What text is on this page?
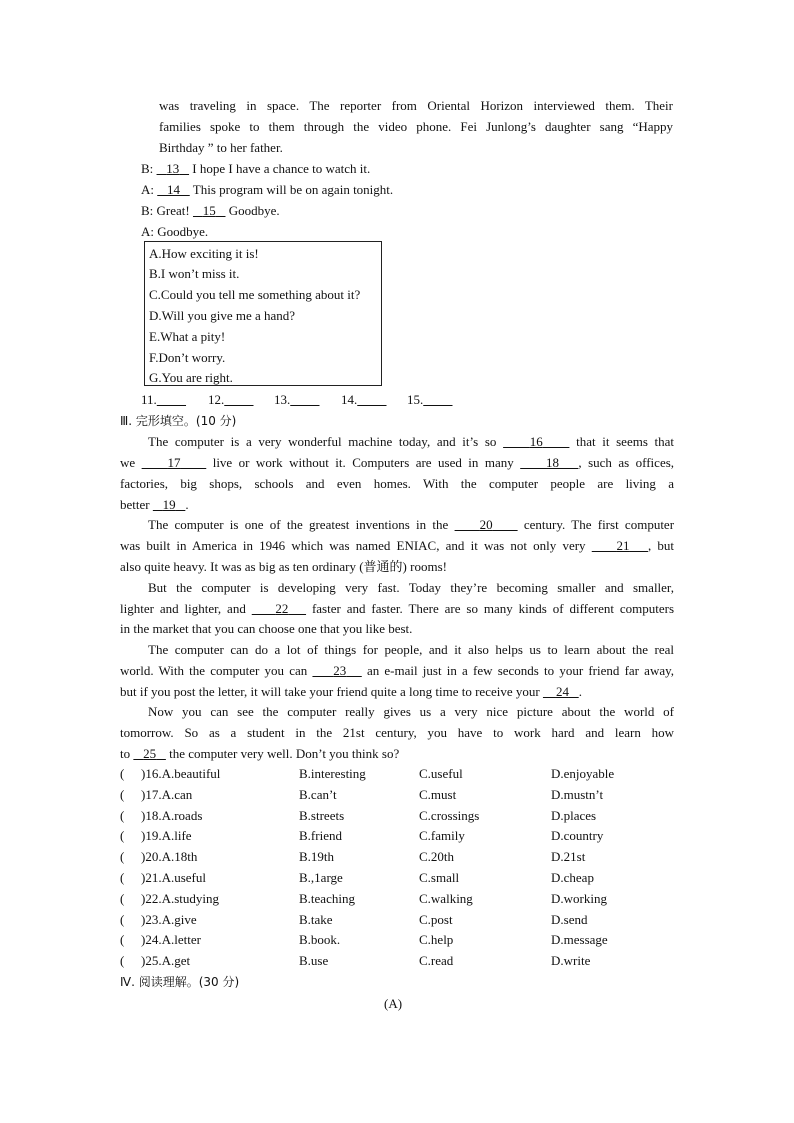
was traveling in space. The reporter from Oriental Horizon interviewed them. Their
families spoke to them through the video phone. Fei Junlong’s daughter sang “Happy
Birthday ” to her father.
B: 13 I hope I have a chance to watch it.
A: 14 This program will be on again tonight.
B: Great! 15 Goodbye.
A: Goodbye.
A.How exciting it is!
B.I won’t miss it.
C.Could you tell me something about it?
D.Will you give me a hand?
E.What a pity!
F.Don’t worry.
G.You are right.
11.	12.	13.	14.	15.
Ⅲ. 完形填空。(10 分)
The computer is a very wonderful machine today, and it’s so	16	that it seems that
we 17 live or work without it. Computers are used in many 18 , such as offices,
factories, big shops, schools and even homes. With the computer people are living a
better 19 .
The computer is one of the greatest inventions in the 20 century. The first computer
was built in America in 1946 which was named ENIAC, and it was not only very 21 , but
also quite heavy. It was as big as ten ordinary (普通的) rooms!
But the computer is developing very fast. Today they’re becoming smaller and smaller,
lighter and lighter, and 22 faster and faster. There are so many kinds of different computers
in the market that you can choose one that you like best.
The computer can do a lot of things for people, and it also helps us to learn about the real
world. With the computer you can 23 an e-mail just in a few seconds to your friend far away,
but if you post the letter, it will take your friend quite a long time to receive your 24 .
Now you can see the computer really gives us a very nice picture about the world of
tomorrow. So as a student in the 21st century, you have to work hard and learn how
to 25 the computer very well. Don’t you think so?
( )16.A.beautiful	B.interesting	C.useful	D.enjoyable
( )17.A.can	B.can’t	C.must	D.mustn’t
( )18.A.roads	B.streets	C.crossings	D.places
( )19.A.life	B.friend	C.family	D.country
( )20.A.18th	B.19th	C.20th	D.21st
( )21.A.useful	B.,1arge	C.small	D.cheap
( )22.A.studying	B.teaching	C.walking	D.working
( )23.A.give	B.take	C.post	D.send
( )24.A.letter	B.book.	C.help	D.message
( )25.A.get	B.use	C.read	D.write
Ⅳ. 阅读理解。(30 分)
(A)
